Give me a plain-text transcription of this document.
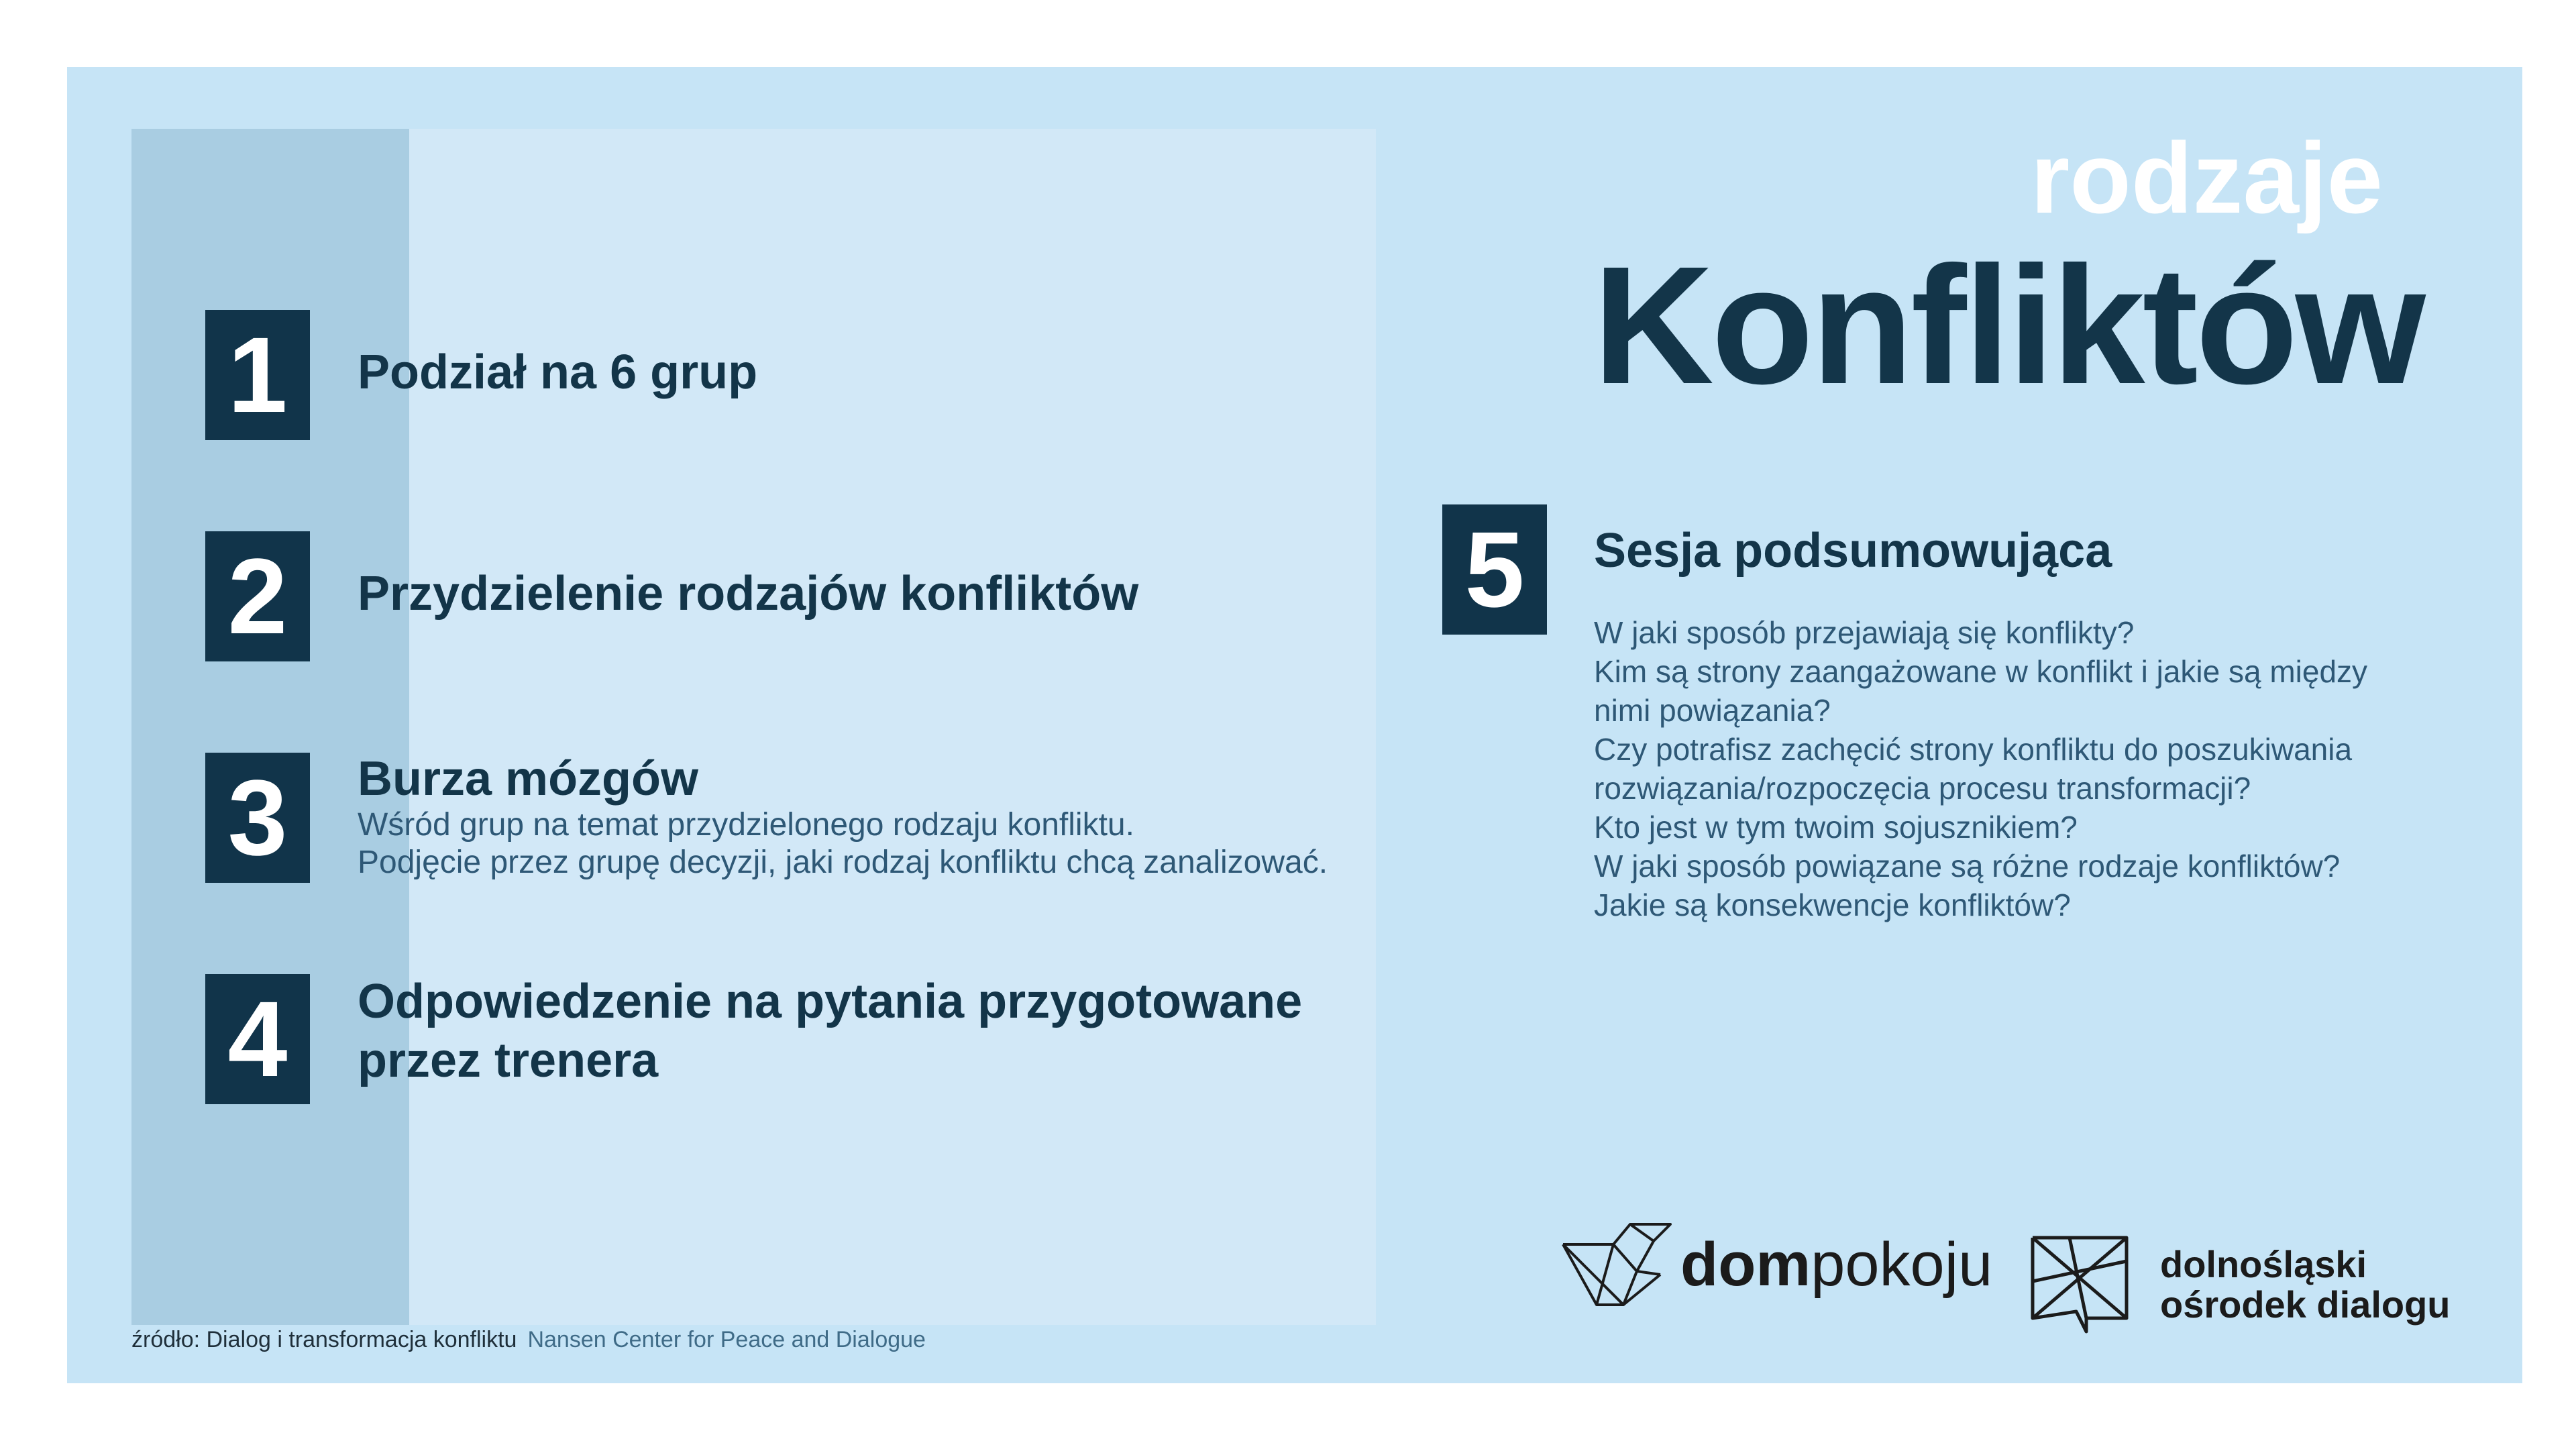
1	Podział na 6 grup
2	Przydzielenie rodzajów konfliktów
3	Burza mózgów
Wśród grup na temat przydzielonego rodzaju konfliktu.
Podjęcie przez grupę decyzji, jaki rodzaj konfliktu chcą zanalizować.
4	Odpowiedzenie na pytania przygotowane
przez trenera
rodzaje
Konfliktów
5	Sesja podsumowująca
W jaki sposób przejawiają się konflikty?
Kim są strony zaangażowane w konflikt i jakie są między
nimi powiązania?
Czy potrafisz zachęcić strony konfliktu do poszukiwania
rozwiązania/rozpoczęcia procesu transformacji?
Kto jest w tym twoim sojusznikiem?
W jaki sposób powiązane są różne rodzaje konfliktów?
Jakie są konsekwencje konfliktów?
źródło: Dialog i transformacja konfliktu Nansen Center for Peace and Dialogue
dompokoju	dolnośląski
ośrodek dialogu
